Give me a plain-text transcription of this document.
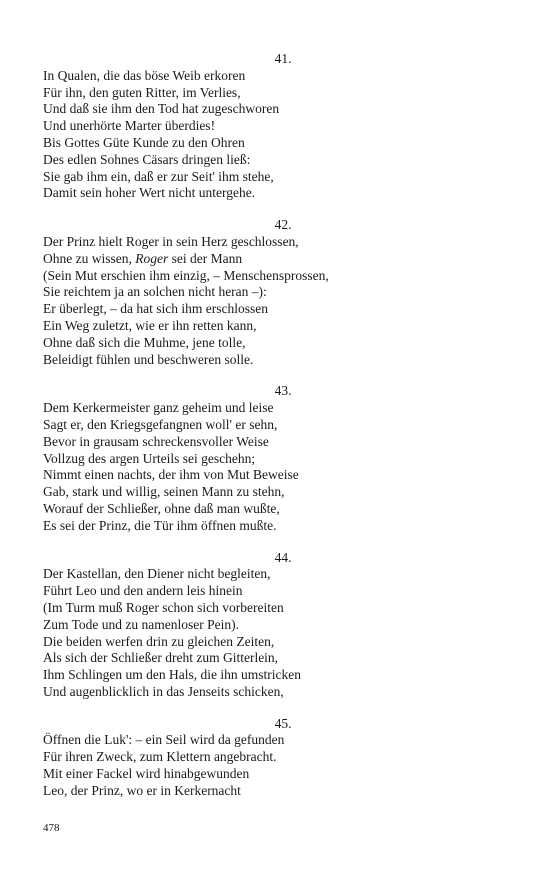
41.
In Qualen, die das böse Weib erkoren
Für ihn, den guten Ritter, im Verlies,
Und daß sie ihm den Tod hat zugeschworen
Und unerhörte Marter überdies!
Bis Gottes Güte Kunde zu den Ohren
Des edlen Sohnes Cäsars dringen ließ:
Sie gab ihm ein, daß er zur Seit' ihm stehe,
Damit sein hoher Wert nicht untergehe.
42.
Der Prinz hielt Roger in sein Herz geschlossen,
Ohne zu wissen, Roger sei der Mann
(Sein Mut erschien ihm einzig, – Menschensprossen,
Sie reichtem ja an solchen nicht heran –):
Er überlegt, – da hat sich ihm erschlossen
Ein Weg zuletzt, wie er ihn retten kann,
Ohne daß sich die Muhme, jene tolle,
Beleidigt fühlen und beschweren solle.
43.
Dem Kerkermeister ganz geheim und leise
Sagt er, den Kriegsgefangnen woll' er sehn,
Bevor in grausam schreckensvoller Weise
Vollzug des argen Urteils sei geschehn;
Nimmt einen nachts, der ihm von Mut Beweise
Gab, stark und willig, seinen Mann zu stehn,
Worauf der Schließer, ohne daß man wußte,
Es sei der Prinz, die Tür ihm öffnen mußte.
44.
Der Kastellan, den Diener nicht begleiten,
Führt Leo und den andern leis hinein
(Im Turm muß Roger schon sich vorbereiten
Zum Tode und zu namenloser Pein).
Die beiden werfen drin zu gleichen Zeiten,
Als sich der Schließer dreht zum Gitterlein,
Ihm Schlingen um den Hals, die ihn umstricken
Und augenblicklich in das Jenseits schicken,
45.
Öffnen die Luk': – ein Seil wird da gefunden
Für ihren Zweck, zum Klettern angebracht.
Mit einer Fackel wird hinabgewunden
Leo, der Prinz, wo er in Kerkernacht
478
